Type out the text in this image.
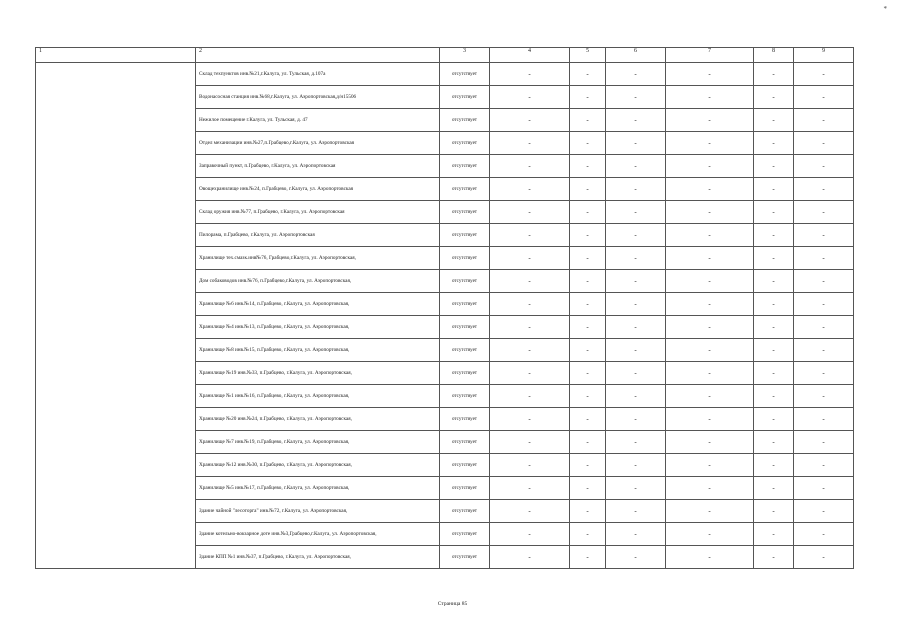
*
1	2	3	4	5	6	7	8	9
	Склад техпунктов инв.№21,г.Калуга, ул. Тульская, д.107а	отсутствует	-	-	-	-	-	-
	Водонасосная станция инв.№68,г.Калуга, ул. Аэропортовская,д/н15506	отсутствует	-	-	-	-	-	-
	Нежилое помещение г.Калуга, ул. Тульская, д. 47	отсутствует	-	-	-	-	-	-
	Отдел механизации инв.№27,п.Грабцево,г.Калуга, ул. Аэропортовская	отсутствует	-	-	-	-	-	-
	Заправочный пункт, п.Грабцево, г.Калуга, ул. Аэропортовская	отсутствует	-	-	-	-	-	-
	Овощехранилище инв.№24, п.Грабцево, г.Калуга, ул. Аэропортовская	отсутствует	-	-	-	-	-	-
	Склад оружия инв.№77, п.Грабцево, г.Калуга, ул. Аэропортовская	отсутствует	-	-	-	-	-	-
	Пилорама, п.Грабцево, г.Калуга, ул. Аэропортовская	отсутствует	-	-	-	-	-	-
	Хранилище тех.смазк.инв№76, Грабцево,г.Калуга, ул. Аэропортовская,	отсутствует	-	-	-	-	-	-
	Дом собаководов инв.№76, п.Грабцево,г.Калуга, ул. Аэропортовская,	отсутствует	-	-	-	-	-	-
	Хранилище №6 инв.№14, п.Грабцево, г.Калуга, ул. Аэропортовская,	отсутствует	-	-	-	-	-	-
	Хранилище №4 инв.№13, п.Грабцево, г.Калуга, ул. Аэропортовская,	отсутствует	-	-	-	-	-	-
	Хранилище №8 инв.№15, п.Грабцево, г.Калуга, ул. Аэропортовская,	отсутствует	-	-	-	-	-	-
	Хранилище №19 инв.№33, п.Грабцево, г.Калуга, ул. Аэропортовская,	отсутствует	-	-	-	-	-	-
	Хранилище №1 инв.№16, п.Грабцево, г.Калуга, ул. Аэропортовская,	отсутствует	-	-	-	-	-	-
	Хранилище №20 инв.№24, п.Грабцево, г.Калуга, ул. Аэропортовская,	отсутствует	-	-	-	-	-	-
	Хранилище №7 инв.№19, п.Грабцево, г.Калуга, ул. Аэропортовская,	отсутствует	-	-	-	-	-	-
	Хранилище №12 инв.№30, п.Грабцево, г.Калуга, ул. Аэропортовская,	отсутствует	-	-	-	-	-	-
	Хранилище №5 инв.№17, п.Грабцево, г.Калуга, ул. Аэропортовская,	отсутствует	-	-	-	-	-	-
	Здание чайной "лесоторга" инв.№72, г.Калуга, ул. Аэропортовская,	отсутствует	-	-	-	-	-	-
	Здание котельно-вокзарное доте инв.№3,Грабцево,г.Калуга, ул. Аэропортовская,	отсутствует	-	-	-	-	-	-
	Здание КПП №1 инв.№37, п.Грабцево, г.Калуга, ул. Аэропортовская,	отсутствует	-	-	-	-	-	-
Страница 85
